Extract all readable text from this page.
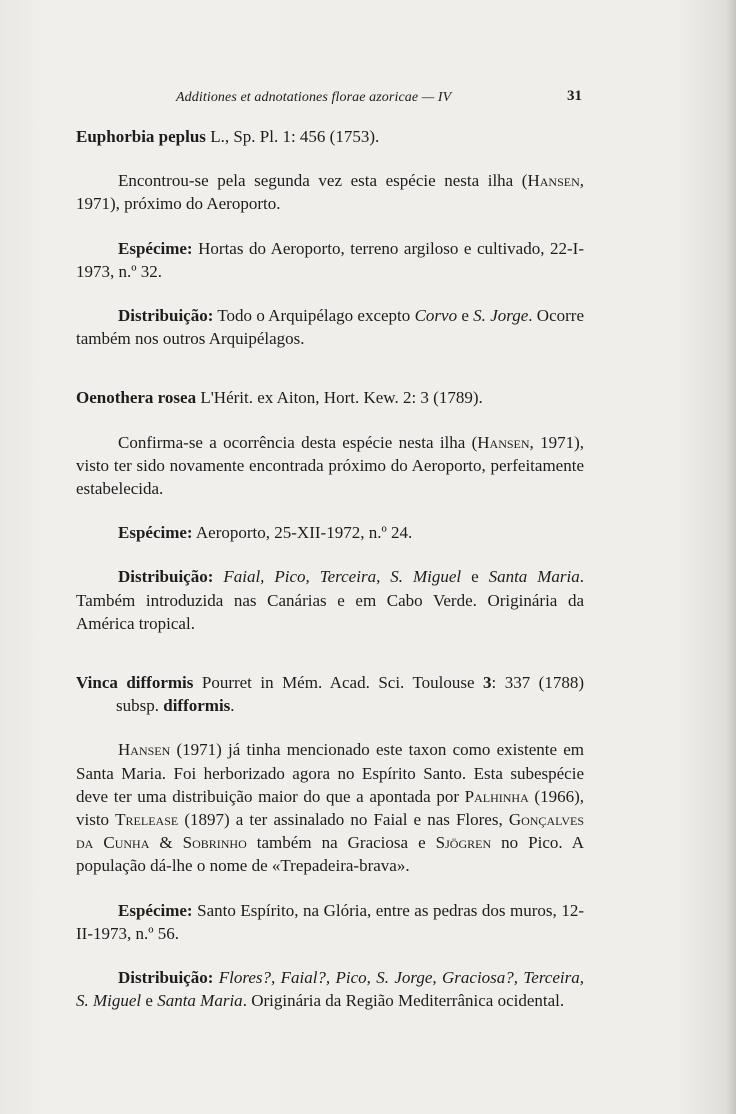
Additiones et adnotationes florae azoricae — IV	31

Euphorbia peplus L., Sp. Pl. 1: 456 (1753).

Encontrou-se pela segunda vez esta espécie nesta ilha (Hansen, 1971), próximo do Aeroporto.

Espécime: Hortas do Aeroporto, terreno argiloso e cultivado, 22-I-1973, n.º 32.

Distribuição: Todo o Arquipélago excepto Corvo e S. Jorge. Ocorre também nos outros Arquipélagos.

Oenothera rosea L'Hérit. ex Aiton, Hort. Kew. 2: 3 (1789).

Confirma-se a ocorrência desta espécie nesta ilha (Hansen, 1971), visto ter sido novamente encontrada próximo do Aeroporto, perfeitamente estabelecida.

Espécime: Aeroporto, 25-XII-1972, n.º 24.

Distribuição: Faial, Pico, Terceira, S. Miguel e Santa Maria. Também introduzida nas Canárias e em Cabo Verde. Originária da América tropical.

Vinca difformis Pourret in Mém. Acad. Sci. Toulouse 3: 337 (1788) subsp. difformis.

Hansen (1971) já tinha mencionado este taxon como existente em Santa Maria. Foi herborizado agora no Espírito Santo. Esta subespécie deve ter uma distribuição maior do que a apontada por Palhinha (1966), visto Trelease (1897) a ter assinalado no Faial e nas Flores, Gonçalves da Cunha & Sobrinho também na Graciosa e Sjögren no Pico. A população dá-lhe o nome de «Trepadeira-brava».

Espécime: Santo Espírito, na Glória, entre as pedras dos muros, 12-II-1973, n.º 56.

Distribuição: Flores?, Faial?, Pico, S. Jorge, Graciosa?, Terceira, S. Miguel e Santa Maria. Originária da Região Mediterrânica ocidental.
